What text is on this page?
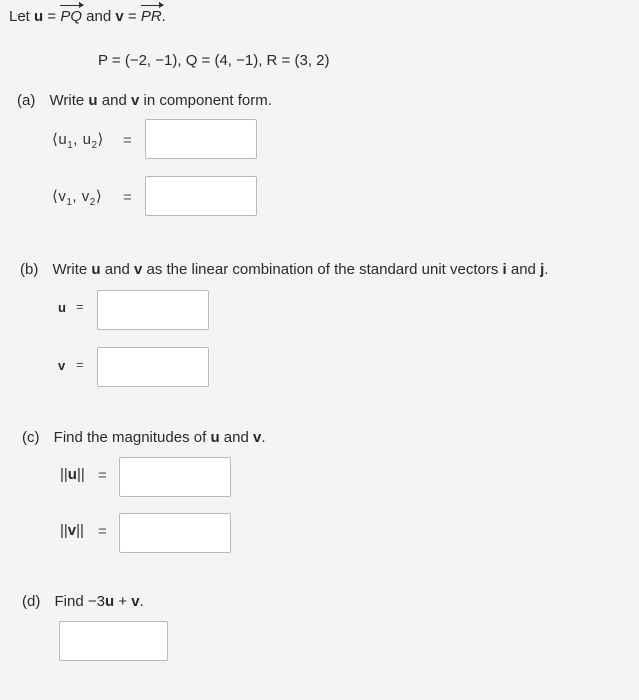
Let u = PQ and v = PR.
P = (−2, −1), Q = (4, −1), R = (3, 2)
(a) Write u and v in component form.
$⟨u_1$, $u_2⟩$ =
$⟨v_1$, $v_2⟩$ =
(b) Write u and v as the linear combination of the standard unit vectors i and j.
u =
v =
(c) Find the magnitudes of u and v.
||u|| =
||v|| =
(d) Find −3u + v.
